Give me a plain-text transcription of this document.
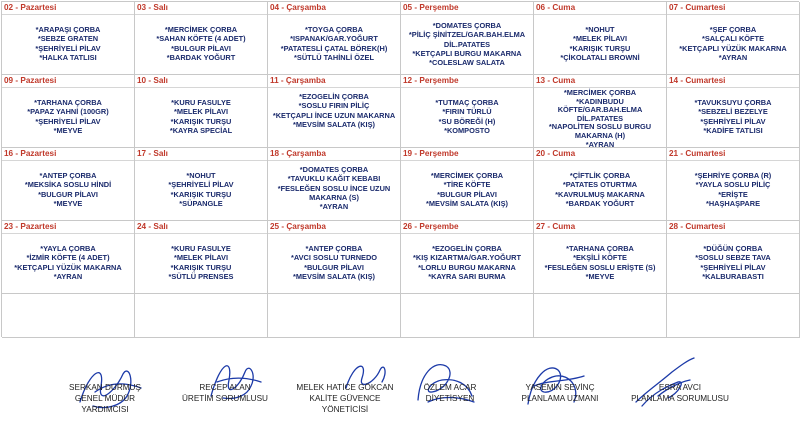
02 - Pazartesi
*ARAPAŞI ÇORBA
*SEBZE GRATEN
*ŞEHRİYELİ PİLAV
*HALKA TATLISI
03 - Salı
*MERCİMEK ÇORBA
*SAHAN KÖFTE (4 ADET)
*BULGUR PİLAVI
*BARDAK YOĞURT
04 - Çarşamba
*TOYGA ÇORBA
*ISPANAK/GAR.YOĞURT
*PATATESLİ ÇATAL BÖREK(H)
*SÜTLÜ TAHİNLİ ÖZEL
05 - Perşembe
*DOMATES ÇORBA
*PİLİÇ ŞİNİTZEL/GAR.BAH.ELMA DİL.PATATES
*KETÇAPLI BURGU MAKARNA
*COLESLAW SALATA
06 - Cuma
*NOHUT
*MELEK PİLAVI
*KARIŞIK TURŞU
*ÇİKOLATALI BROWNİ
07 - Cumartesi
*ŞEF ÇORBA
*SALÇALI KÖFTE
*KETÇAPLI YÜZÜK MAKARNA
*AYRAN
09 - Pazartesi
*TARHANA ÇORBA
*PAPAZ YAHNİ (100GR)
*ŞEHRİYELİ PİLAV
*MEYVE
10 - Salı
*KURU FASULYE
*MELEK PİLAVI
*KARIŞIK TURŞU
*KAYRA SPECİAL
11 - Çarşamba
*EZOGELİN ÇORBA
*SOSLU FIRIN PİLİÇ
*KETÇAPLI İNCE UZUN MAKARNA
*MEVSİM SALATA (KIŞ)
12 - Perşembe
*TUTMAÇ ÇORBA
*FIRIN TÜRLÜ
*SU BÖREĞİ (H)
*KOMPOSTO
13 - Cuma
*MERCİMEK ÇORBA
*KADINBUDU KÖFTE/GAR.BAH.ELMA DİL.PATATES
*NAPOLİTEN SOSLU BURGU MAKARNA (H)
*AYRAN
14 - Cumartesi
*TAVUKSUYU ÇORBA
*SEBZELİ BEZELYE
*ŞEHRİYELİ PİLAV
*KADİFE TATLISI
16 - Pazartesi
*ANTEP ÇORBA
*MEKSİKA SOSLU HİNDİ
*BULGUR PİLAVI
*MEYVE
17 - Salı
*NOHUT
*ŞEHRİYELİ PİLAV
*KARIŞIK TURŞU
*SÜPANGLE
18 - Çarşamba
*DOMATES ÇORBA
*TAVUKLU KAĞIT KEBABI
*FESLEĞEN SOSLU İNCE UZUN MAKARNA (S)
*AYRAN
19 - Perşembe
*MERCİMEK ÇORBA
*TİRE KÖFTE
*BULGUR PİLAVI
*MEVSİM SALATA (KIŞ)
20 - Cuma
*ÇİFTLİK ÇORBA
*PATATES OTURTMA
*KAVRULMUŞ MAKARNA
*BARDAK YOĞURT
21 - Cumartesi
*ŞEHRİYE ÇORBA (R)
*YAYLA SOSLU PİLİÇ
*ERİŞTE
*HAŞHAŞPARE
23 - Pazartesi
*YAYLA ÇORBA
*İZMİR KÖFTE (4 ADET)
*KETÇAPLI YÜZÜK MAKARNA
*AYRAN
24 - Salı
*KURU FASULYE
*MELEK PİLAVI
*KARIŞIK TURŞU
*SÜTLÜ PRENSES
25 - Çarşamba
*ANTEP ÇORBA
*AVCI SOSLU TURNEDO
*BULGUR PİLAVI
*MEVSİM SALATA (KIŞ)
26 - Perşembe
*EZOGELİN ÇORBA
*KIŞ KIZARTMA/GAR.YOĞURT
*LORLU BURGU MAKARNA
*KAYRA SARI BURMA
27 - Cuma
*TARHANA ÇORBA
*EKŞİLİ KÖFTE
*FESLEĞEN SOSLU ERİŞTE (S)
*MEYVE
28 - Cumartesi
*DÜĞÜN ÇORBA
*SOSLU SEBZE TAVA
*ŞEHRİYELİ PİLAV
*KALBURABASTI
SERKAN DURMUŞ
GENEL MÜDÜR
YARDIMCISI
RECEP ALAN
ÜRETİM SORUMLUSU
MELEK HATİCE GÖKCAN
KALİTE GÜVENCE
YÖNETİCİSİ
ÖZLEM ACAR
DİYETİSYEN
YASEMİN SEVİNÇ
PLANLAMA UZMANI
ESRA AVCI
PLANLAMA SORUMLUSU
